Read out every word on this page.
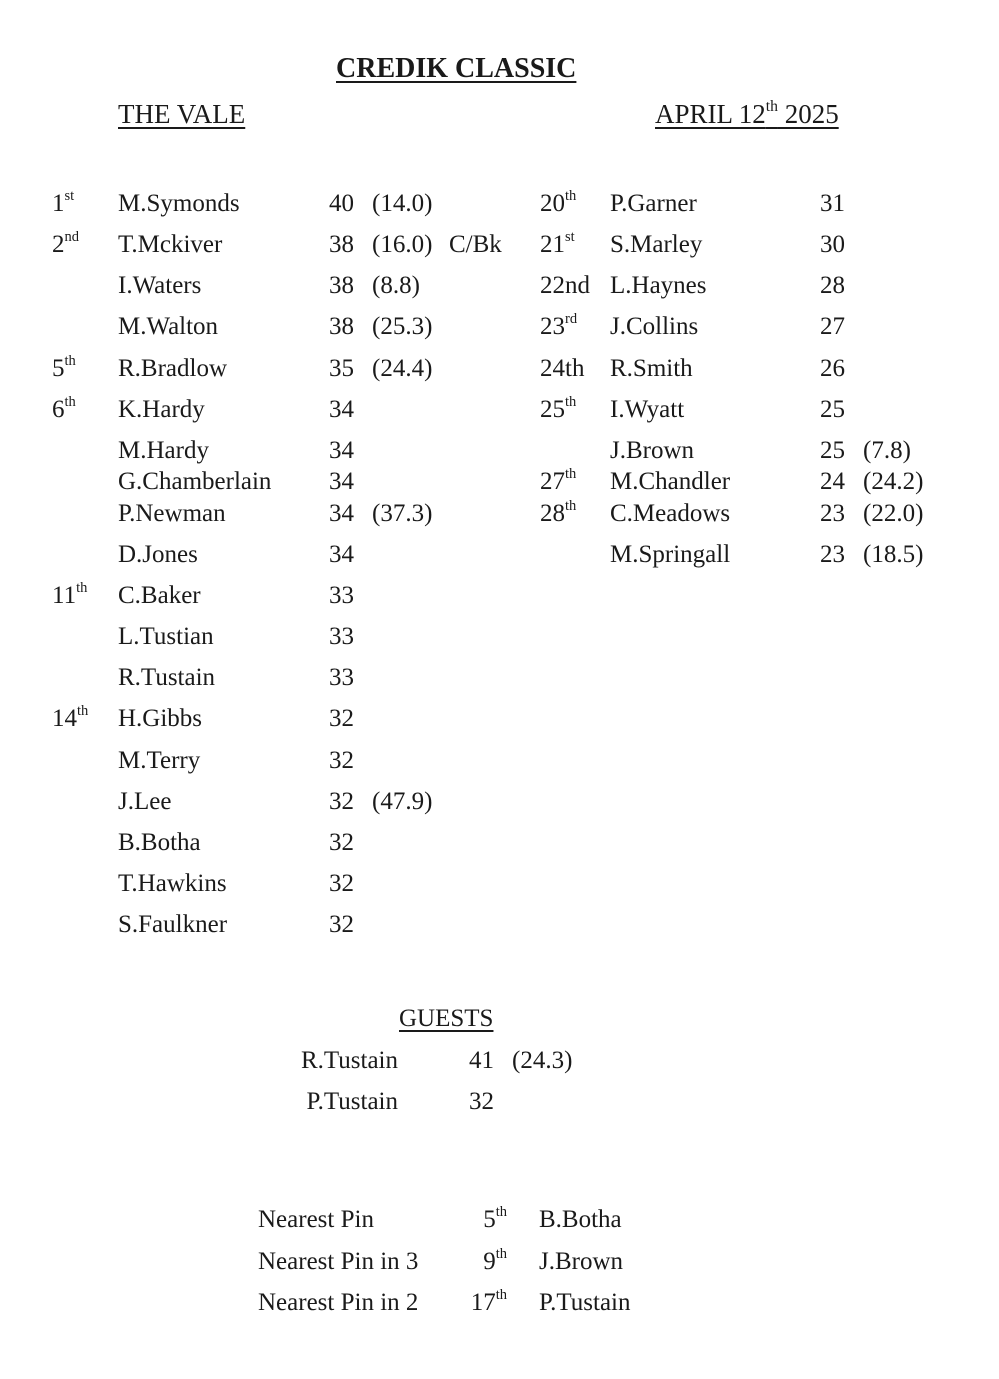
CREDIK CLASSIC
THE VALE	APRIL 12th 2025
1st M.Symonds	40 (14.0)
2nd T.Mckiver	38 (16.0) C/Bk
I.Waters	38 (8.8)
M.Walton	38 (25.3)
5th R.Bradlow	35 (24.4)
6th K.Hardy	34
M.Hardy	34
G.Chamberlain 34
P.Newman	34 (37.3)
D.Jones	34
11th C.Baker	33
L.Tustian	33
R.Tustain	33
14th H.Gibbs	32
M.Terry	32
J.Lee	32 (47.9)
B.Botha	32
T.Hawkins	32
S.Faulkner	32
20th P.Garner	31
21st S.Marley	30
22nd L.Haynes	28
23rd J.Collins	27
24th R.Smith	26
25th I.Wyatt	25
J.Brown	25 (7.8)
27th M.Chandler	24 (24.2)
28th C.Meadows	23 (22.0)
M.Springall	23 (18.5)
GUESTS
R.Tustain	41 (24.3)
P.Tustain	32
Nearest Pin	5th B.Botha
Nearest Pin in 3	9th J.Brown
Nearest Pin in 2 17th P.Tustain
